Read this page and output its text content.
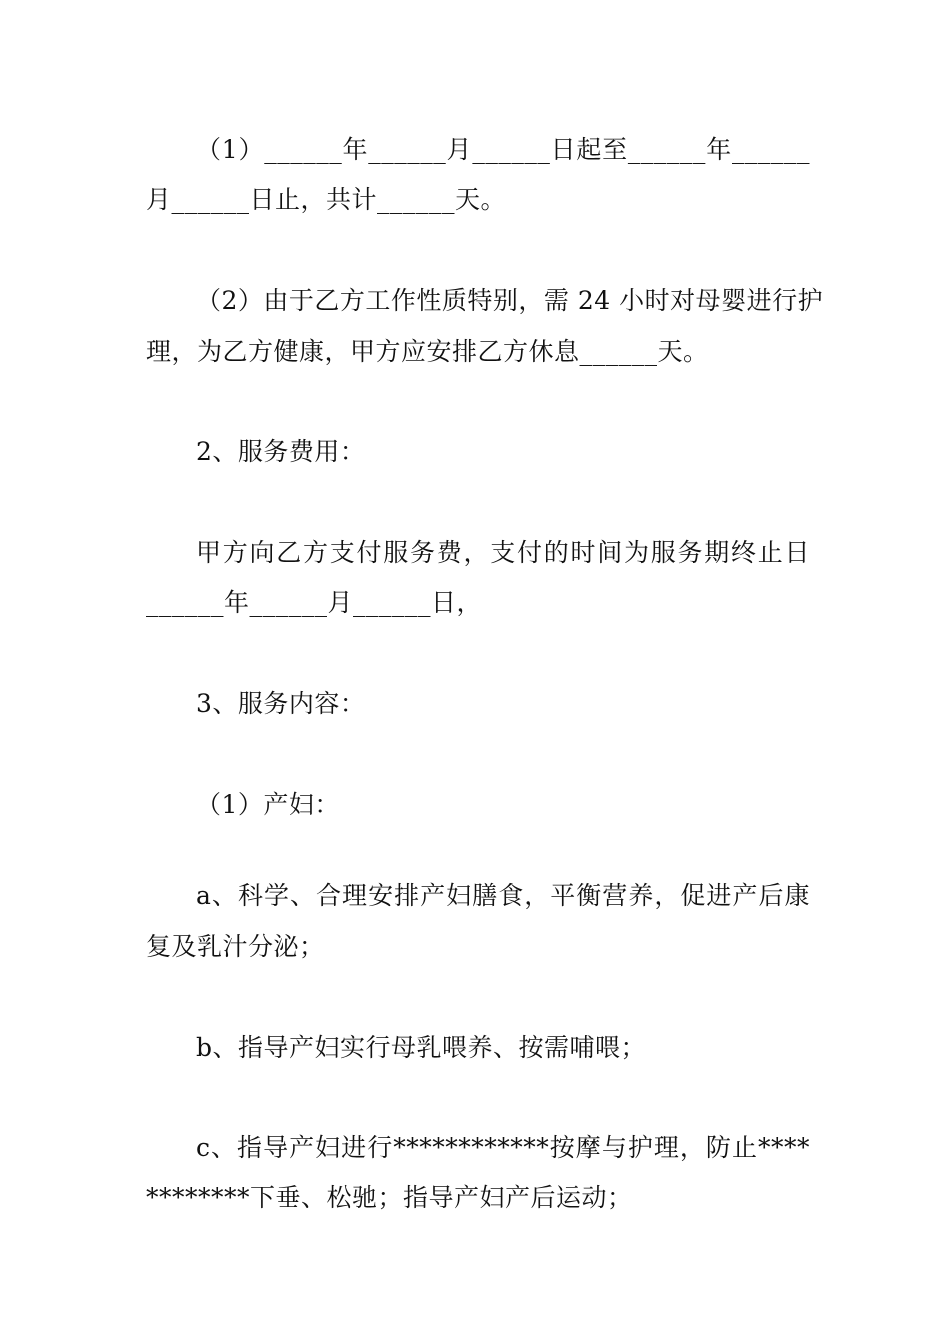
（1）______年______月______日起至______年______
月______日止，共计______天。
（2）由于乙方工作性质特别，需 24 小时对母婴进行护
理，为乙方健康，甲方应安排乙方休息______天。
2、服务费用：
甲方向乙方支付服务费，支付的时间为服务期终止日
______年______月______日，
3、服务内容：
（1）产妇：
a、科学、合理安排产妇膳食，平衡营养，促进产后康
复及乳汁分泌；
b、指导产妇实行母乳喂养、按需哺喂；
c、指导产妇进行************按摩与护理，防止****
********下垂、松驰；指导产妇产后运动；
